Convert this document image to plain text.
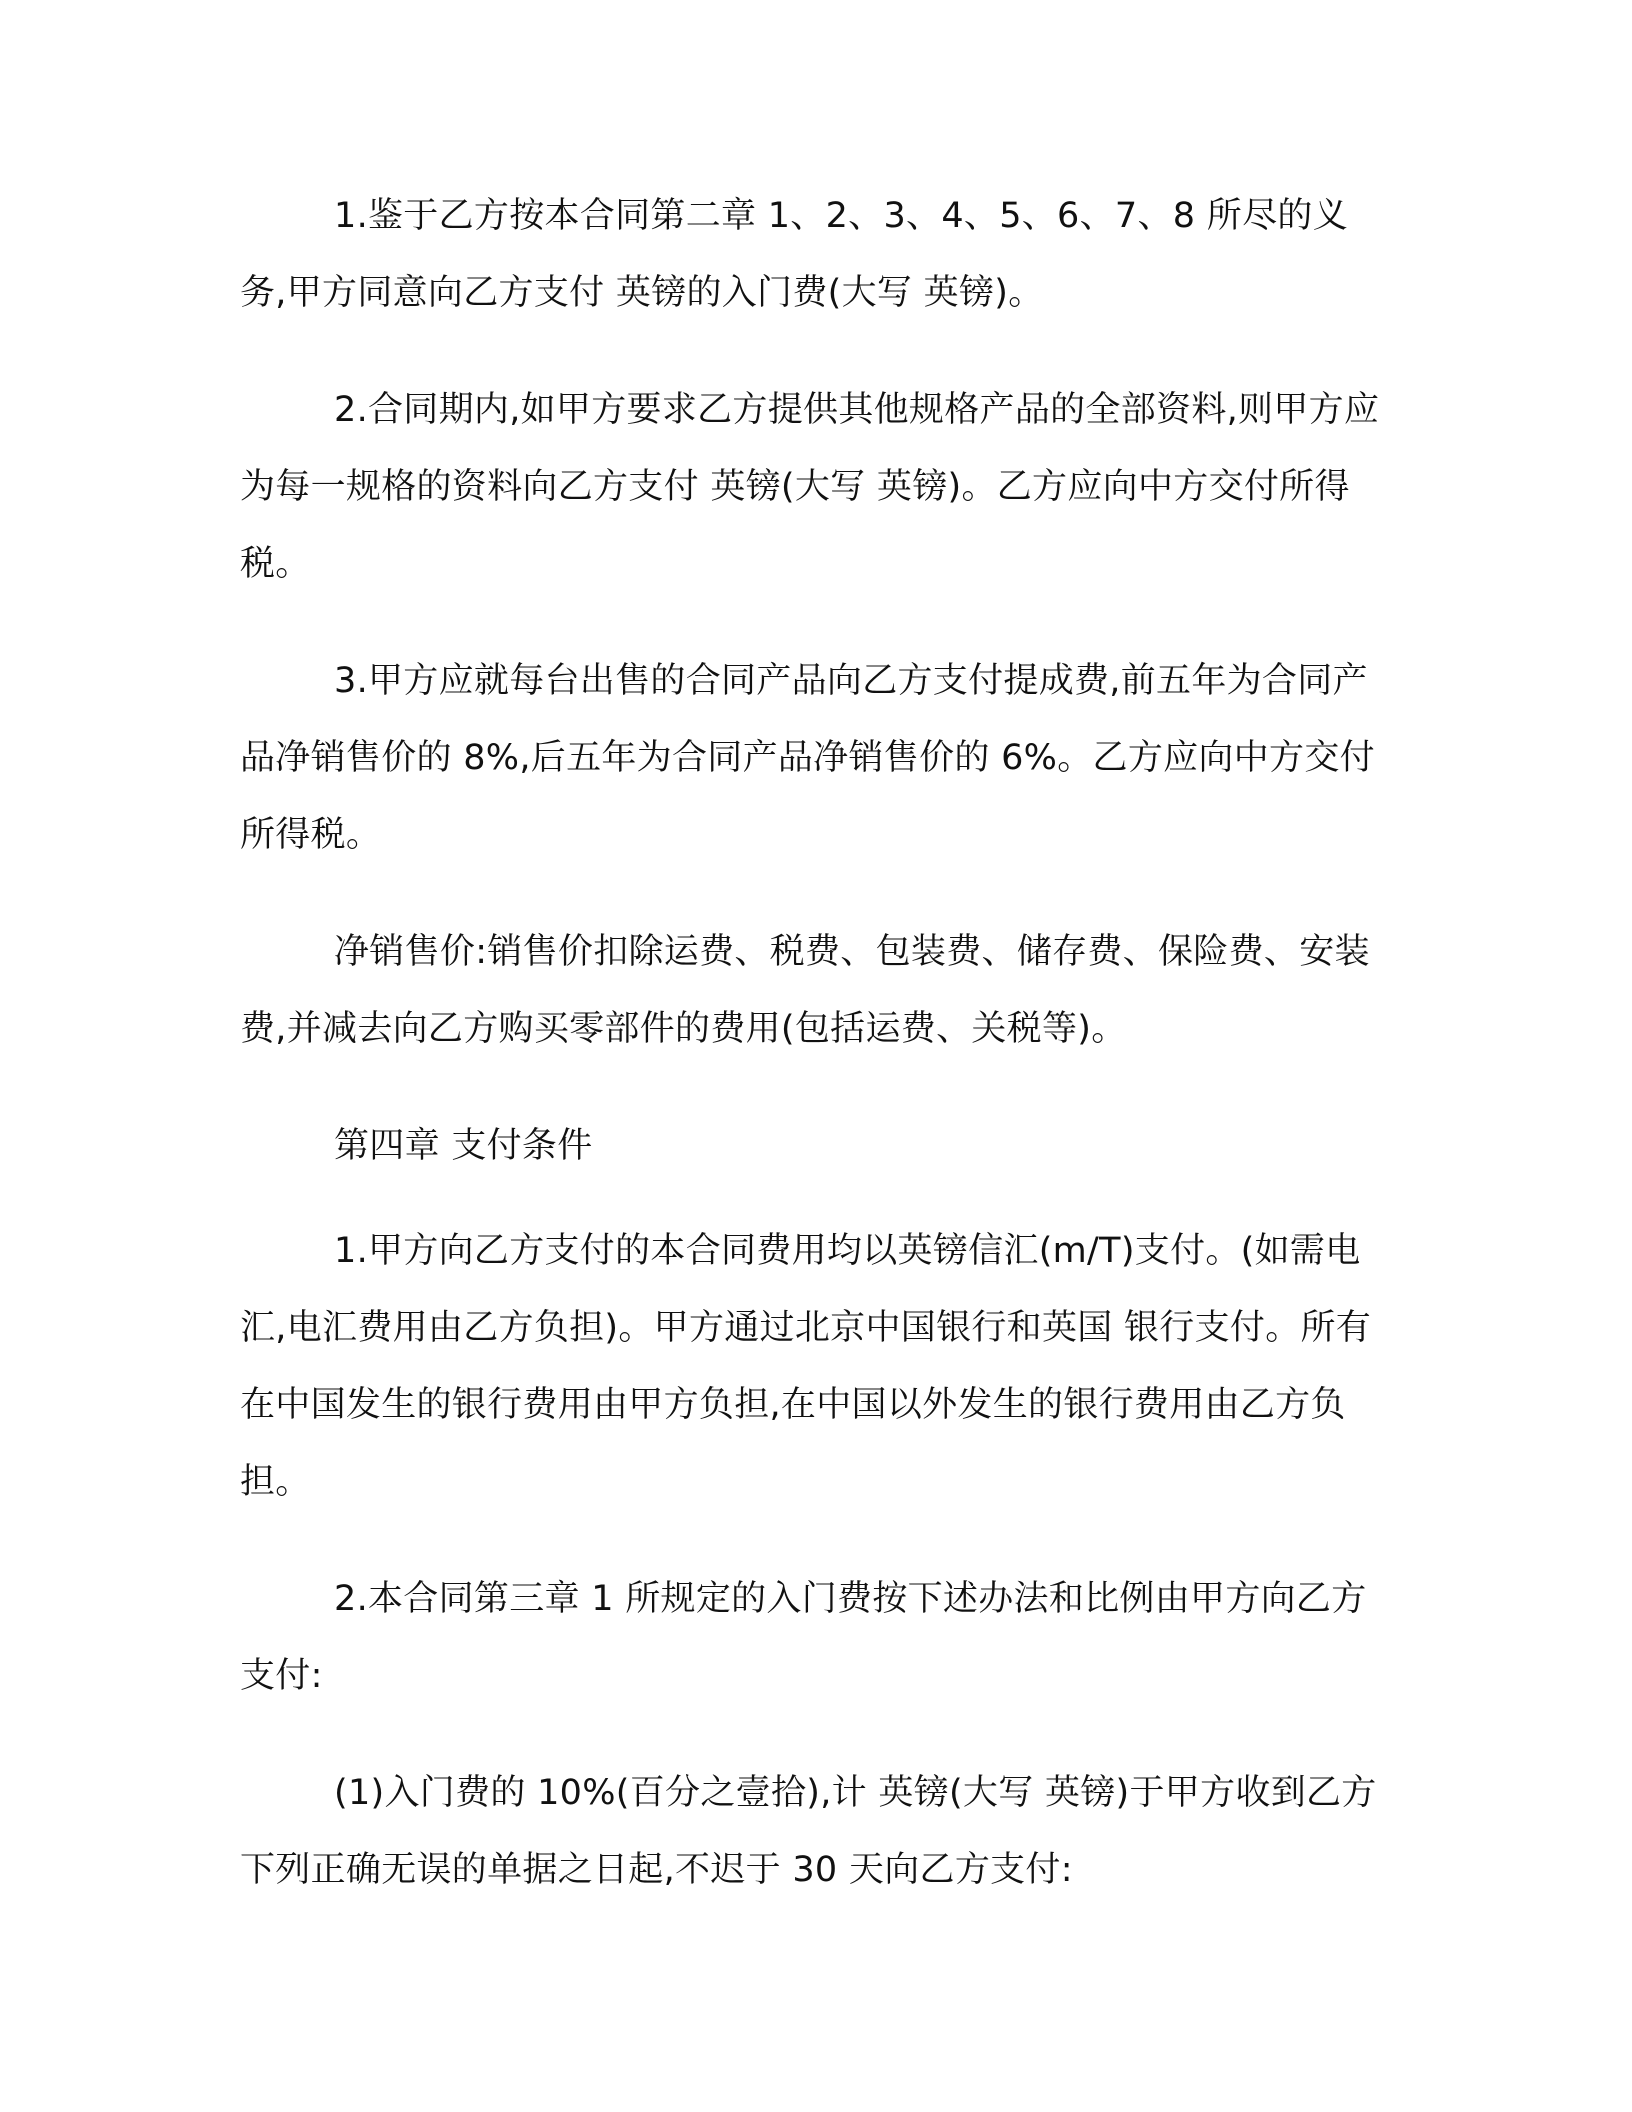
1.鉴于乙方按本合同第二章 1、2、3、4、5、6、7、8 所尽的义务,甲方同意向乙方支付 英镑的入门费(大写 英镑)。

2.合同期内,如甲方要求乙方提供其他规格产品的全部资料,则甲方应为每一规格的资料向乙方支付 英镑(大写 英镑)。乙方应向中方交付所得税。

3.甲方应就每台出售的合同产品向乙方支付提成费,前五年为合同产品净销售价的 8%,后五年为合同产品净销售价的 6%。乙方应向中方交付所得税。

净销售价:销售价扣除运费、税费、包装费、储存费、保险费、安装费,并减去向乙方购买零部件的费用(包括运费、关税等)。

第四章 支付条件

1.甲方向乙方支付的本合同费用均以英镑信汇(m/T)支付。(如需电汇,电汇费用由乙方负担)。甲方通过北京中国银行和英国 银行支付。所有在中国发生的银行费用由甲方负担,在中国以外发生的银行费用由乙方负担。

2.本合同第三章 1 所规定的入门费按下述办法和比例由甲方向乙方支付:

(1)入门费的 10%(百分之壹拾),计 英镑(大写 英镑)于甲方收到乙方下列正确无误的单据之日起,不迟于 30 天向乙方支付:
